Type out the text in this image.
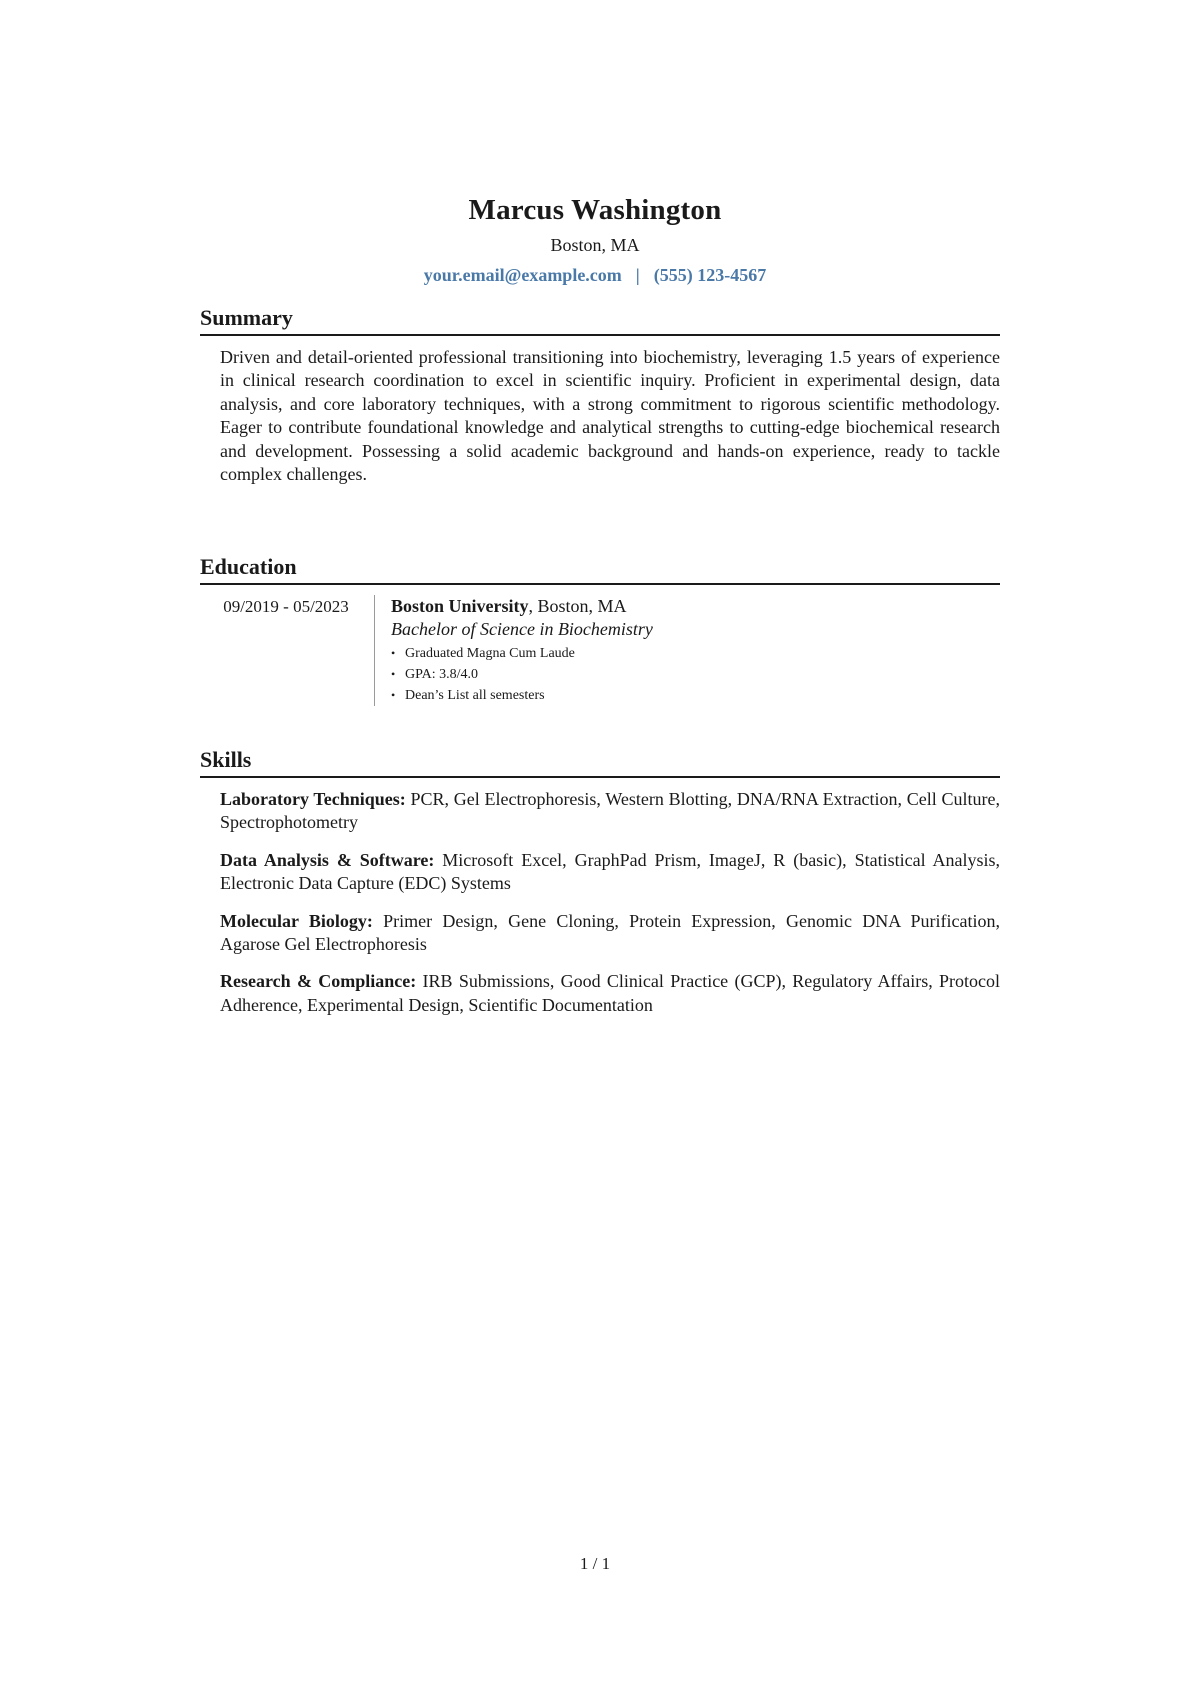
Marcus Washington
Boston, MA
your.email@example.com | (555) 123-4567
Summary

Driven and detail-oriented professional transitioning into biochemistry, leveraging 1.5 years of experience in clinical research coordination to excel in scientific inquiry. Proficient in experimental design, data analysis, and core laboratory techniques, with a strong commitment to rigorous scientific methodology. Eager to contribute foundational knowledge and analytical strengths to cutting-edge biochemical research and development. Possessing a solid academic background and hands-on experience, ready to tackle complex challenges.

Education
09/2019 - 05/2023	Boston University, Boston, MA
Bachelor of Science in Biochemistry
• Graduated Magna Cum Laude
• GPA: 3.8/4.0
• Dean’s List all semesters
Skills

Laboratory Techniques: PCR, Gel Electrophoresis, Western Blotting, DNA/RNA Extraction, Cell Culture, Spectrophotometry

Data Analysis & Software: Microsoft Excel, GraphPad Prism, ImageJ, R (basic), Statistical Analysis, Electronic Data Capture (EDC) Systems

Molecular Biology: Primer Design, Gene Cloning, Protein Expression, Genomic DNA Purification, Agarose Gel Electrophoresis

Research & Compliance: IRB Submissions, Good Clinical Practice (GCP), Regulatory Affairs, Protocol Adherence, Experimental Design, Scientific Documentation

1 / 1
